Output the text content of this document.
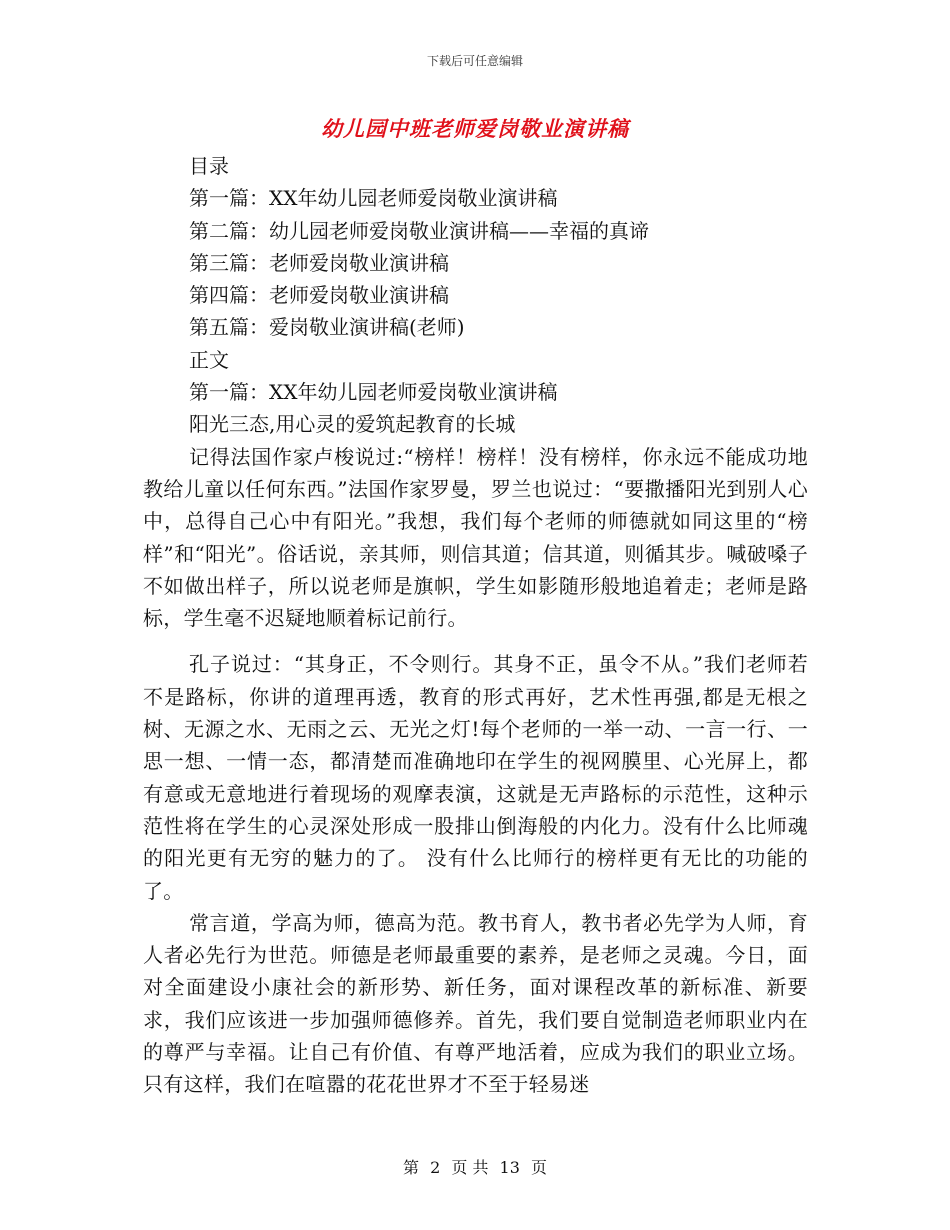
下载后可任意编辑
幼儿园中班老师爱岗敬业演讲稿
目录
第一篇：XX年幼儿园老师爱岗敬业演讲稿
第二篇：幼儿园老师爱岗敬业演讲稿——幸福的真谛
第三篇：老师爱岗敬业演讲稿
第四篇：老师爱岗敬业演讲稿
第五篇：爱岗敬业演讲稿(老师)
正文
第一篇：XX年幼儿园老师爱岗敬业演讲稿
阳光三态,用心灵的爱筑起教育的长城

记得法国作家卢梭说过:“榜样！榜样！没有榜样，你永远不能成功地教给儿童以任何东西。”法国作家罗曼，罗兰也说过：“要撒播阳光到别人心中，总得自己心中有阳光。”我想，我们每个老师的师德就如同这里的“榜样”和“阳光”。俗话说，亲其师，则信其道；信其道，则循其步。喊破嗓子不如做出样子，所以说老师是旗帜，学生如影随形般地追着走；老师是路标，学生毫不迟疑地顺着标记前行。

孔子说过：“其身正，不令则行。其身不正，虽令不从。”我们老师若不是路标，你讲的道理再透，教育的形式再好，艺术性再强,都是无根之树、无源之水、无雨之云、无光之灯!每个老师的一举一动、一言一行、一思一想、一情一态，都清楚而准确地印在学生的视网膜里、心光屏上，都有意或无意地进行着现场的观摩表演，这就是无声路标的示范性，这种示范性将在学生的心灵深处形成一股排山倒海般的内化力。没有什么比师魂的阳光更有无穷的魅力的了。 没有什么比师行的榜样更有无比的功能的了。

常言道，学高为师，德高为范。教书育人，教书者必先学为人师，育人者必先行为世范。师德是老师最重要的素养，是老师之灵魂。今日，面对全面建设小康社会的新形势、新任务，面对课程改革的新标准、新要求，我们应该进一步加强师德修养。首先，我们要自觉制造老师职业内在的尊严与幸福。让自己有价值、有尊严地活着，应成为我们的职业立场。只有这样，我们在喧嚣的花花世界才不至于轻易迷

第 2 页 共 13 页
